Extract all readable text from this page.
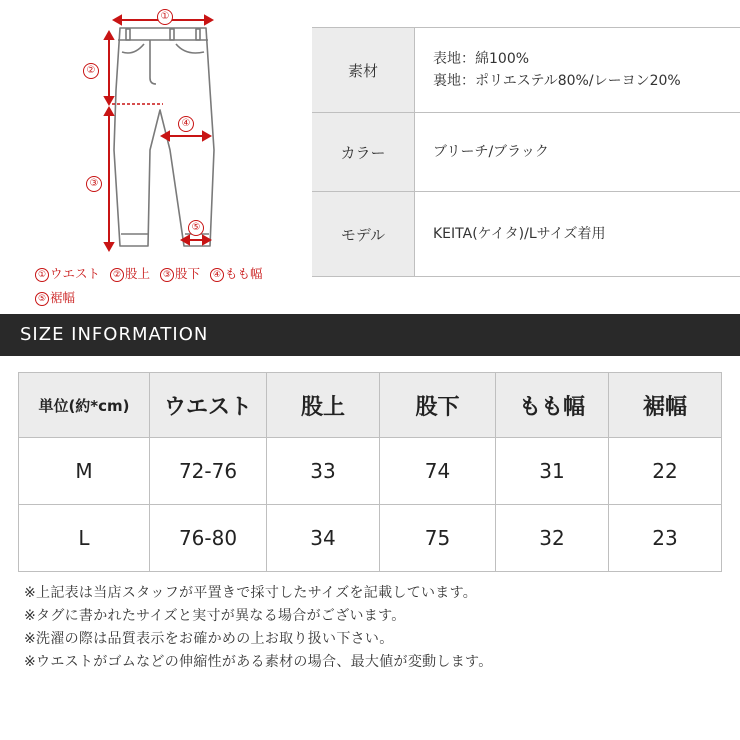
①
②
③
④
⑤
① ウエスト ② 股上 ③ 股下 ④ もも幅 ⑤ 裾幅
素材
表地：綿100%
裏地：ポリエステル80%/レーヨン20%
カラー	ブリーチ/ブラック
モデル	KEITA(ケイタ)/Lサイズ着用
SIZE INFORMATION
単位(約*cm)	ウエスト	股上	股下	もも幅	裾幅
M	72-76	33	74	31	22
L	76-80	34	75	32	23
※上記表は当店スタッフが平置きで採寸したサイズを記載しています。
※タグに書かれたサイズと実寸が異なる場合がございます。
※洗濯の際は品質表示をお確かめの上お取り扱い下さい。
※ウエストがゴムなどの伸縮性がある素材の場合、最大値が変動します。
